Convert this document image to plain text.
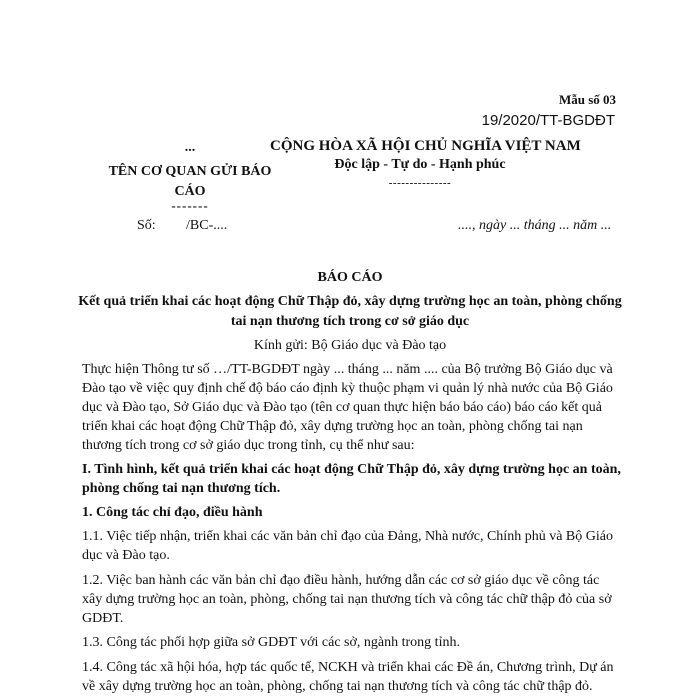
Mẫu số 03
19/2020/TT-BGDĐT
...
TÊN CƠ QUAN GỬI BÁO CÁO
-------
CỘNG HÒA XÃ HỘI CHỦ NGHĨA VIỆT NAM
Độc lập - Tự do - Hạnh phúc
---------------
Số: /BC-....	...., ngày ... tháng ... năm ...
BÁO CÁO
Kết quả triển khai các hoạt động Chữ Thập đỏ, xây dựng trường học an toàn, phòng chống tai nạn thương tích trong cơ sở giáo dục
Kính gửi: Bộ Giáo dục và Đào tạo
Thực hiện Thông tư số …/TT-BGDĐT ngày ... tháng ... năm .... của Bộ trưởng Bộ Giáo dục và Đào tạo về việc quy định chế độ báo cáo định kỳ thuộc phạm vi quản lý nhà nước của Bộ Giáo dục và Đào tạo, Sở Giáo dục và Đào tạo (tên cơ quan thực hiện báo báo cáo) báo cáo kết quả triển khai các hoạt động Chữ Thập đỏ, xây dựng trường học an toàn, phòng chống tai nạn thương tích trong cơ sở giáo dục trong tỉnh, cụ thể như sau:
I. Tình hình, kết quả triển khai các hoạt động Chữ Thập đỏ, xây dựng trường học an toàn, phòng chống tai nạn thương tích.
1. Công tác chỉ đạo, điều hành
1.1. Việc tiếp nhận, triển khai các văn bản chỉ đạo của Đảng, Nhà nước, Chính phủ và Bộ Giáo dục và Đào tạo.
1.2. Việc ban hành các văn bản chỉ đạo điều hành, hướng dẫn các cơ sở giáo dục về công tác xây dựng trường học an toàn, phòng, chống tai nạn thương tích và công tác chữ thập đỏ của sở GDĐT.
1.3. Công tác phối hợp giữa sở GDĐT với các sở, ngành trong tỉnh.
1.4. Công tác xã hội hóa, hợp tác quốc tế, NCKH và triển khai các Đề án, Chương trình, Dự án về xây dựng trường học an toàn, phòng, chống tai nạn thương tích và công tác chữ thập đỏ.
